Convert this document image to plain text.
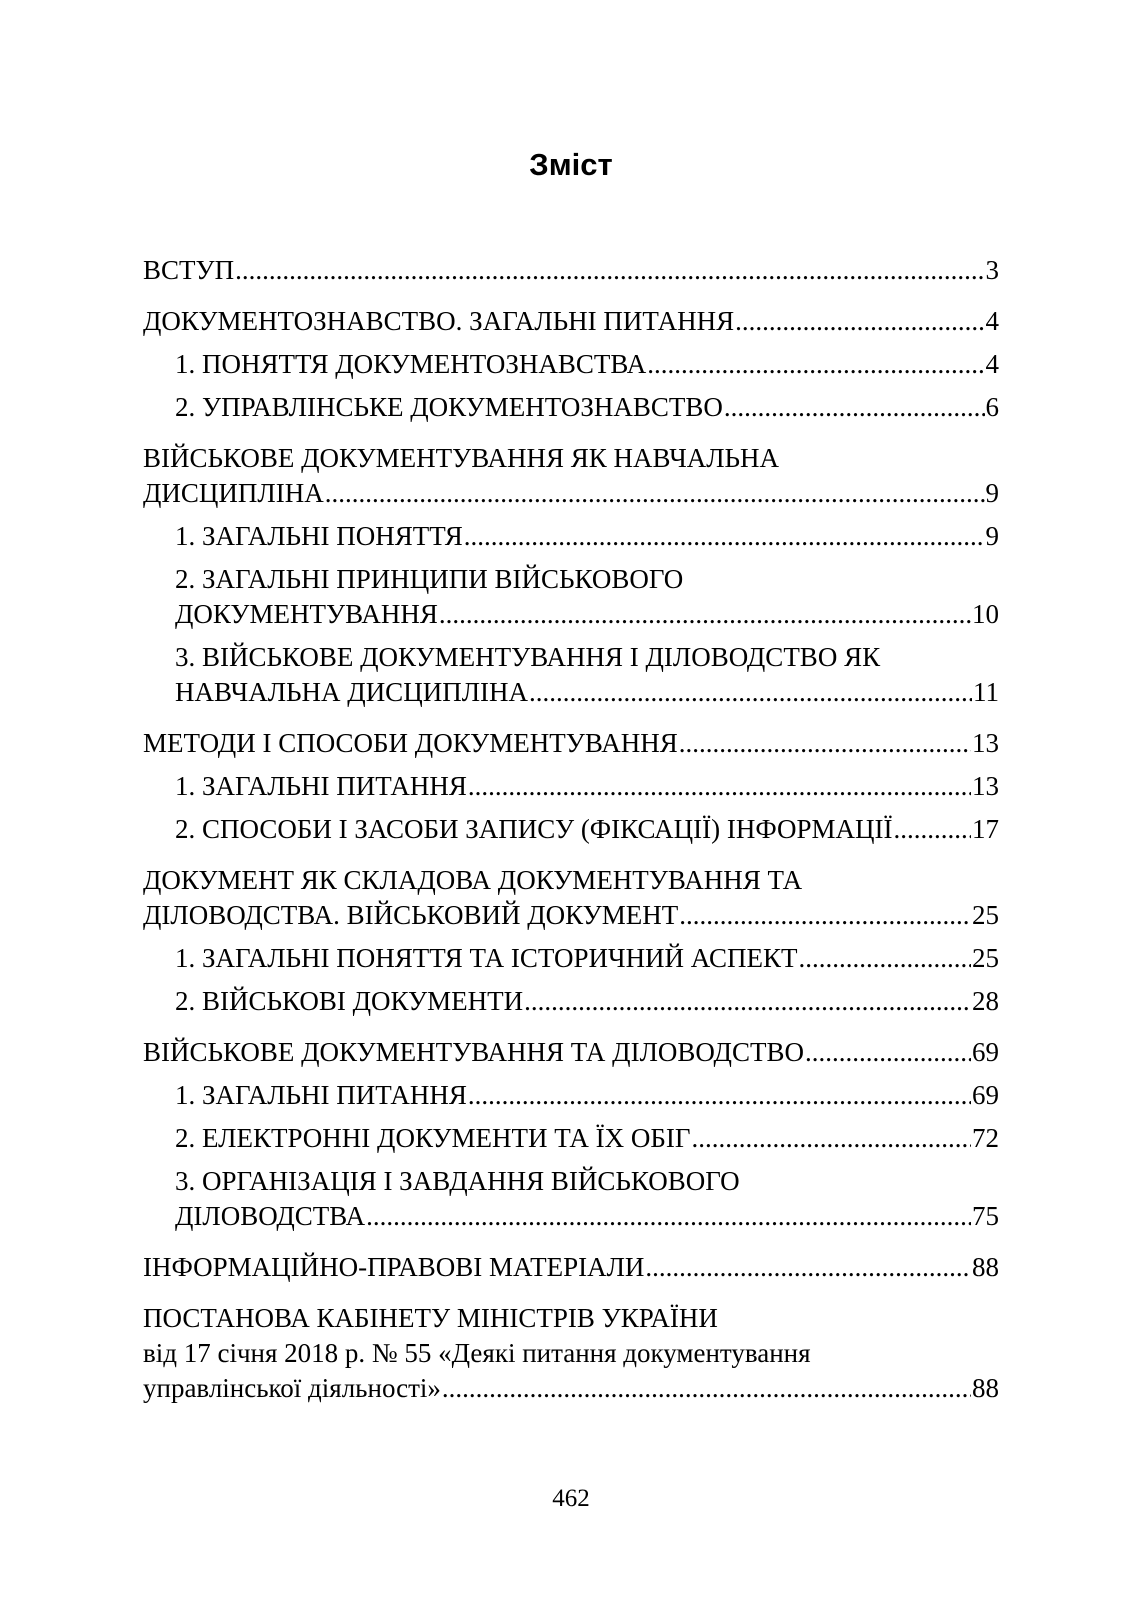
Зміст
ВСТУП .....	3
ДОКУМЕНТОЗНАВСТВО. ЗАГАЛЬНІ ПИТАННЯ .....	4
1. ПОНЯТТЯ ДОКУМЕНТОЗНАВСТВА .....	4
2. УПРАВЛІНСЬКЕ ДОКУМЕНТОЗНАВСТВО .....	6
ВІЙСЬКОВЕ ДОКУМЕНТУВАННЯ ЯК НАВЧАЛЬНА
ДИСЦИПЛІНА .....	9
1. ЗАГАЛЬНІ ПОНЯТТЯ .....	9
2. ЗАГАЛЬНІ ПРИНЦИПИ ВІЙСЬКОВОГО
ДОКУМЕНТУВАННЯ .....	10
3. ВІЙСЬКОВЕ ДОКУМЕНТУВАННЯ І ДІЛОВОДСТВО ЯК
НАВЧАЛЬНА ДИСЦИПЛІНА .....	11
МЕТОДИ І СПОСОБИ ДОКУМЕНТУВАННЯ .....	13
1. ЗАГАЛЬНІ ПИТАННЯ .....	13
2. СПОСОБИ І ЗАСОБИ ЗАПИСУ (ФІКСАЦІЇ) ІНФОРМАЦІЇ .....	17
ДОКУМЕНТ ЯК СКЛАДОВА ДОКУМЕНТУВАННЯ ТА
ДІЛОВОДСТВА. ВІЙСЬКОВИЙ ДОКУМЕНТ .....	25
1. ЗАГАЛЬНІ ПОНЯТТЯ ТА ІСТОРИЧНИЙ АСПЕКТ .....	25
2. ВІЙСЬКОВІ ДОКУМЕНТИ .....	28
ВІЙСЬКОВЕ ДОКУМЕНТУВАННЯ ТА ДІЛОВОДСТВО .....	69
1. ЗАГАЛЬНІ ПИТАННЯ .....	69
2. ЕЛЕКТРОННІ ДОКУМЕНТИ ТА ЇХ ОБІГ .....	72
3. ОРГАНІЗАЦІЯ І ЗАВДАННЯ ВІЙСЬКОВОГО
ДІЛОВОДСТВА .....	75
ІНФОРМАЦІЙНО-ПРАВОВІ МАТЕРІАЛИ .....	88
ПОСТАНОВА КАБІНЕТУ МІНІСТРІВ УКРАЇНИ
від 17 січня 2018 р. № 55 «Деякі питання документування
управлінської діяльності» .....	88
462
